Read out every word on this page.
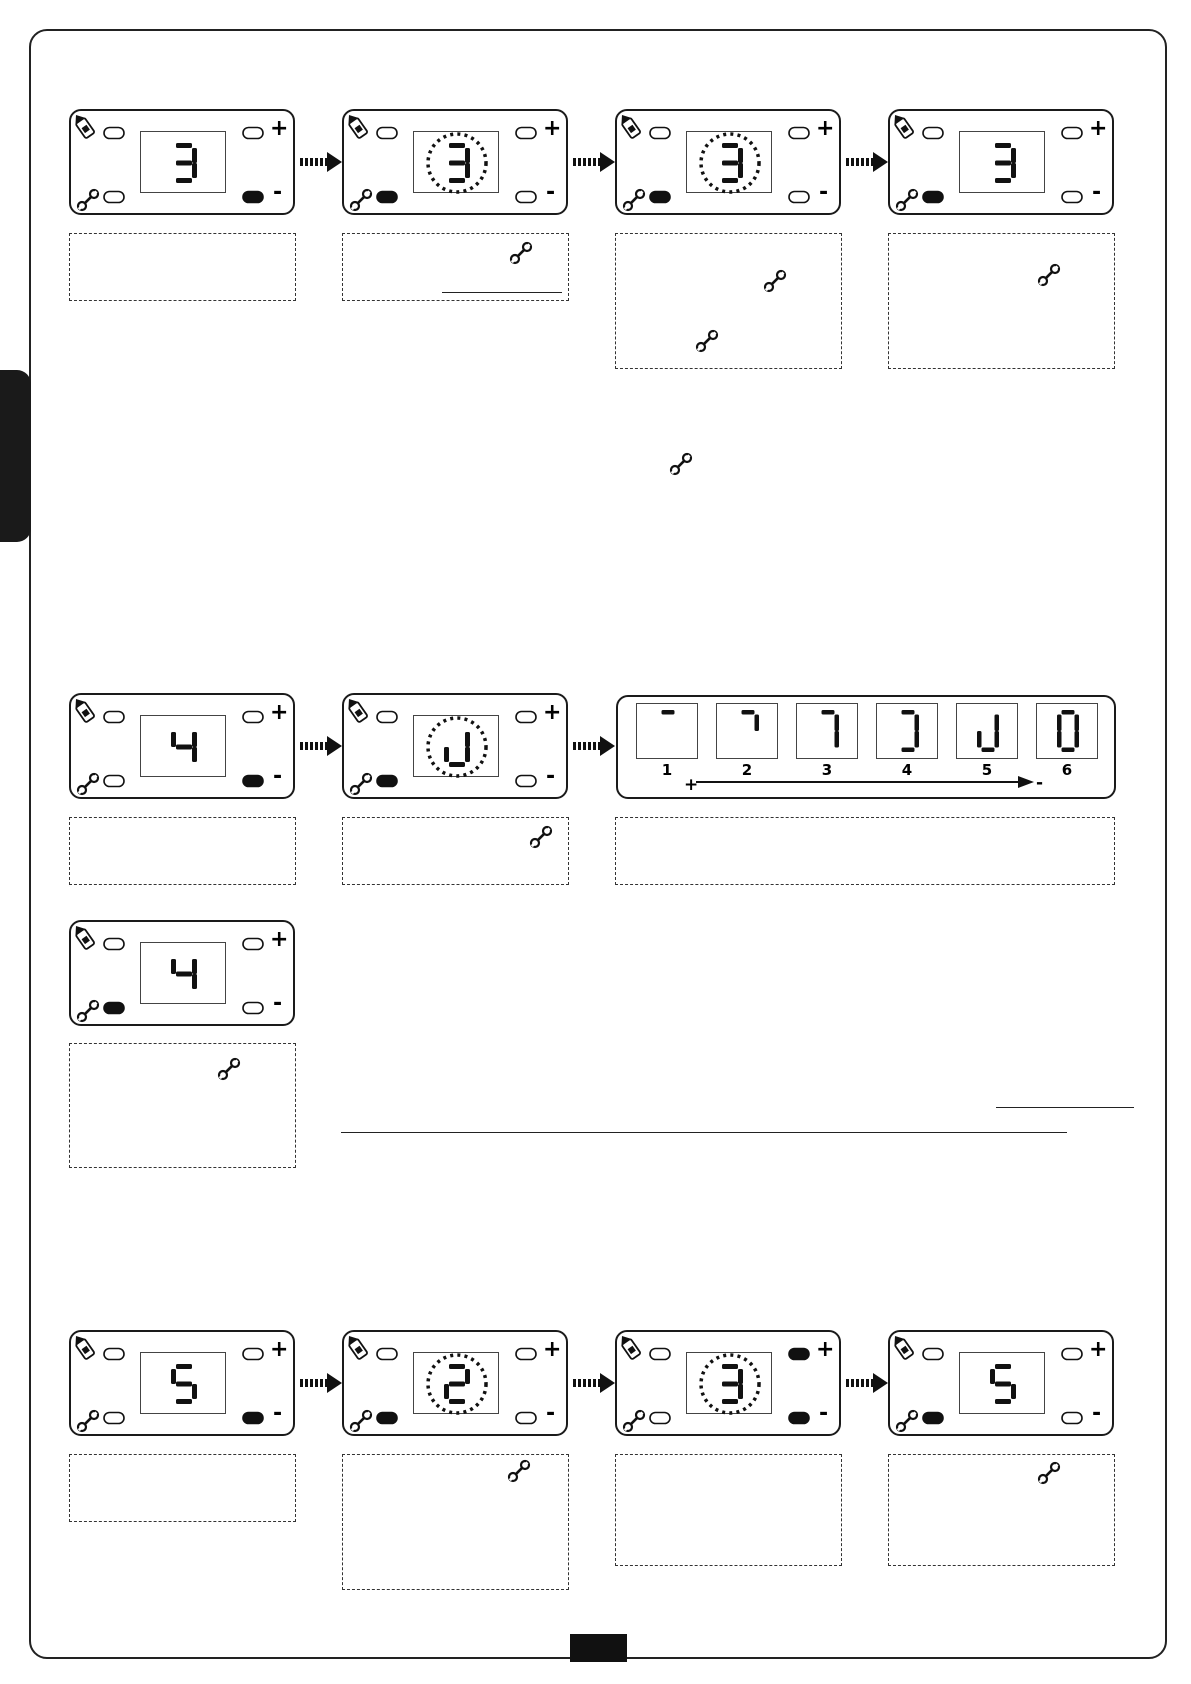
+
-
+
-
+
-
+
-
+
-
+
-
+
-
+	-
1	2	3	4	5	6
+
-
+
-
+
-
+
-
